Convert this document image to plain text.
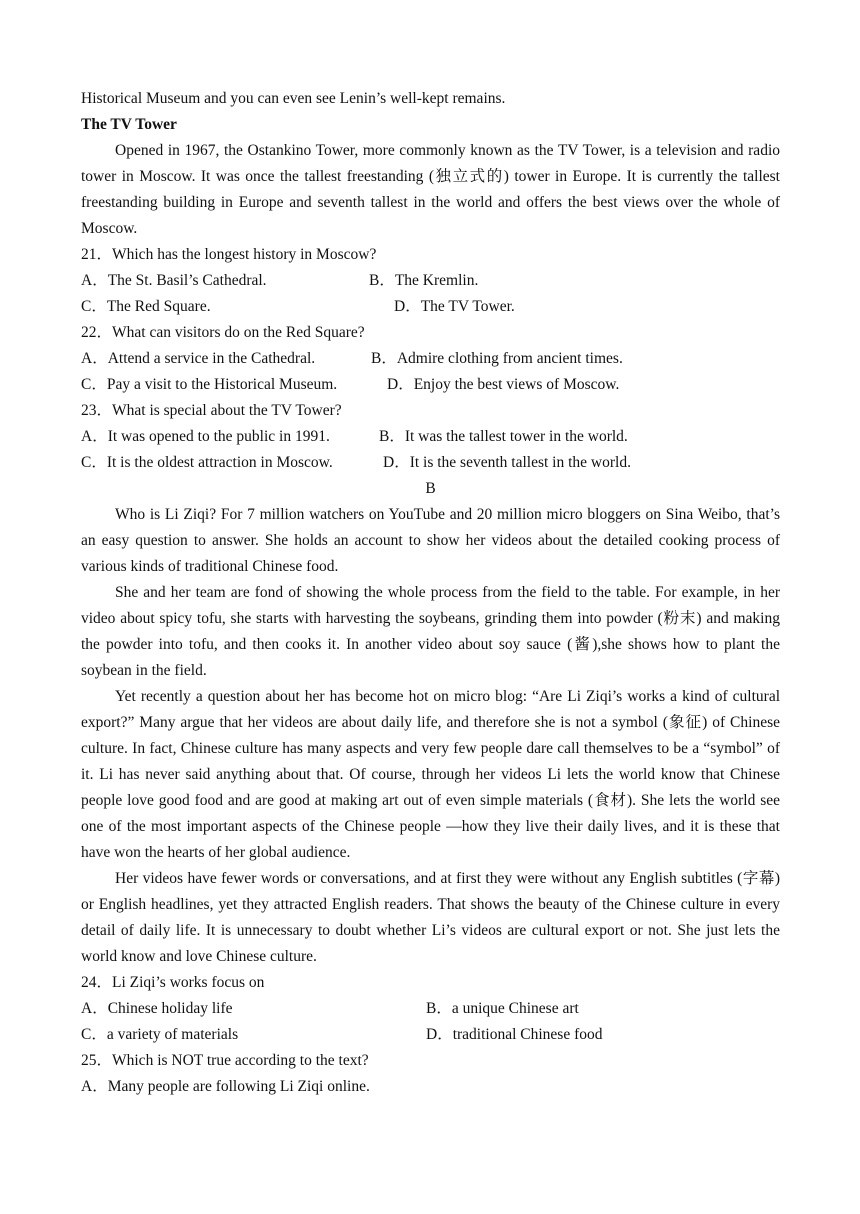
Historical Museum and you can even see Lenin’s well-kept remains.

The TV Tower

Opened in 1967, the Ostankino Tower, more commonly known as the TV Tower, is a television and radio tower in Moscow. It was once the tallest freestanding (独立式的) tower in Europe. It is currently the tallest freestanding building in Europe and seventh tallest in the world and offers the best views over the whole of Moscow.

21．Which has the longest history in Moscow?

A．The St. Basil’s Cathedral.	B．The Kremlin.
C．The Red Square.	D．The TV Tower.

22．What can visitors do on the Red Square?

A．Attend a service in the Cathedral.	B．Admire clothing from ancient times.
C．Pay a visit to the Historical Museum.	D．Enjoy the best views of Moscow.

23．What is special about the TV Tower?

A．It was opened to the public in 1991.	B．It was the tallest tower in the world.
C．It is the oldest attraction in Moscow.	D．It is the seventh tallest in the world.

B

Who is Li Ziqi? For 7 million watchers on YouTube and 20 million micro bloggers on Sina Weibo, that’s an easy question to answer. She holds an account to show her videos about the detailed cooking process of various kinds of traditional Chinese food.

She and her team are fond of showing the whole process from the field to the table. For example, in her video about spicy tofu, she starts with harvesting the soybeans, grinding them into powder (粉末) and making the powder into tofu, and then cooks it. In another video about soy sauce (酱),she shows how to plant the soybean in the field.

Yet recently a question about her has become hot on micro blog: “Are Li Ziqi’s works a kind of cultural export?” Many argue that her videos are about daily life, and therefore she is not a symbol (象征) of Chinese culture. In fact, Chinese culture has many aspects and very few people dare call themselves to be a “symbol” of it. Li has never said anything about that. Of course, through her videos Li lets the world know that Chinese people love good food and are good at making art out of even simple materials (食材). She lets the world see one of the most important aspects of the Chinese people —how they live their daily lives, and it is these that have won the hearts of her global audience.

Her videos have fewer words or conversations, and at first they were without any English subtitles (字幕) or English headlines, yet they attracted English readers. That shows the beauty of the Chinese culture in every detail of daily life. It is unnecessary to doubt whether Li’s videos are cultural export or not. She just lets the world know and love Chinese culture.

24．Li Ziqi’s works focus on

A．Chinese holiday life	B．a unique Chinese art
C．a variety of materials	D．traditional Chinese food

25．Which is NOT true according to the text?

A．Many people are following Li Ziqi online.
